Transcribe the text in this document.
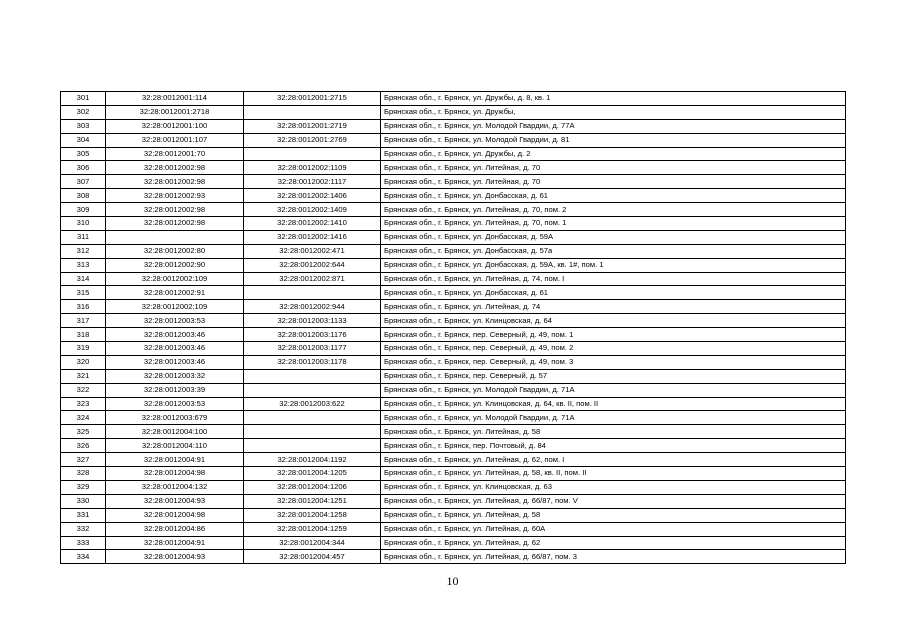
301	32:28:0012001:114	32:28:0012001:2715	Брянская обл., г. Брянск, ул. Дружбы, д. 8, кв. 1
302	32:28:0012001:2718		Брянская обл., г. Брянск, ул. Дружбы,
303	32:28:0012001:100	32:28:0012001:2719	Брянская обл., г. Брянск, ул. Молодой Гвардии, д. 77А
304	32:28:0012001:107	32:28:0012001:2769	Брянская обл., г. Брянск, ул. Молодой Гвардии, д. 81
305	32:28:0012001:70		Брянская обл., г. Брянск, ул. Дружбы, д. 2
306	32:28:0012002:98	32:28:0012002:1109	Брянская обл., г. Брянск, ул. Литейная, д. 70
307	32:28:0012002:98	32:28:0012002:1117	Брянская обл., г. Брянск, ул. Литейная, д. 70
308	32:28:0012002:93	32:28:0012002:1406	Брянская обл., г. Брянск, ул. Донбасская, д. 61
309	32:28:0012002:98	32:28:0012002:1409	Брянская обл., г. Брянск, ул. Литейная, д. 70, пом. 2
310	32:28:0012002:98	32:28:0012002:1410	Брянская обл., г. Брянск, ул. Литейная, д. 70, пом. 1
311		32:28:0012002:1416	Брянская обл., г. Брянск, ул. Донбасская, д. 59А
312	32:28:0012002:80	32:28:0012002:471	Брянская обл., г. Брянск, ул. Донбасская, д. 57а
313	32:28:0012002:90	32:28:0012002:644	Брянская обл., г. Брянск, ул. Донбасская, д. 59А, кв. 1#, пом. 1
314	32:28:0012002:109	32:28:0012002:871	Брянская обл., г. Брянск, ул. Литейная, д. 74, пом. I
315	32:28:0012002:91		Брянская обл., г. Брянск, ул. Донбасская, д. 61
316	32:28:0012002:109	32:28:0012002:944	Брянская обл., г. Брянск, ул. Литейная, д. 74
317	32:28:0012003:53	32:28:0012003:1133	Брянская обл., г. Брянск, ул. Клинцовская, д. 64
318	32:28:0012003:46	32:28:0012003:1176	Брянская обл., г. Брянск, пер. Северный, д. 49, пом. 1
319	32:28:0012003:46	32:28:0012003:1177	Брянская обл., г. Брянск, пер. Северный, д. 49, пом. 2
320	32:28:0012003:46	32:28:0012003:1178	Брянская обл., г. Брянск, пер. Северный, д. 49, пом. 3
321	32:28:0012003:32		Брянская обл., г. Брянск, пер. Северный, д. 57
322	32:28:0012003:39		Брянская обл., г. Брянск, ул. Молодой Гвардии, д. 71А
323	32:28:0012003:53	32:28:0012003:622	Брянская обл., г. Брянск, ул. Клинцовская, д. 64, кв. II, пом. II
324	32:28:0012003:679		Брянская обл., г. Брянск, ул. Молодой Гвардии, д. 71А
325	32:28:0012004:100		Брянская обл., г. Брянск, ул. Литейная, д. 58
326	32:28:0012004:110		Брянская обл., г. Брянск, пер. Почтовый, д. 84
327	32:28:0012004:91	32:28:0012004:1192	Брянская обл., г. Брянск, ул. Литейная, д. 62, пом. I
328	32:28:0012004:98	32:28:0012004:1205	Брянская обл., г. Брянск, ул. Литейная, д. 58, кв. II, пом. II
329	32:28:0012004:132	32:28:0012004:1206	Брянская обл., г. Брянск, ул. Клинцовская, д. 63
330	32:28:0012004:93	32:28:0012004:1251	Брянская обл., г. Брянск, ул. Литейная, д. 66/87, пом. V
331	32:28:0012004:98	32:28:0012004:1258	Брянская обл., г. Брянск, ул. Литейная, д. 58
332	32:28:0012004:86	32:28:0012004:1259	Брянская обл., г. Брянск, ул. Литейная, д. 60А
333	32:28:0012004:91	32:28:0012004:344	Брянская обл., г. Брянск, ул. Литейная, д. 62
334	32:28:0012004:93	32:28:0012004:457	Брянская обл., г. Брянск, ул. Литейная, д. 66/87, пом. 3
10
